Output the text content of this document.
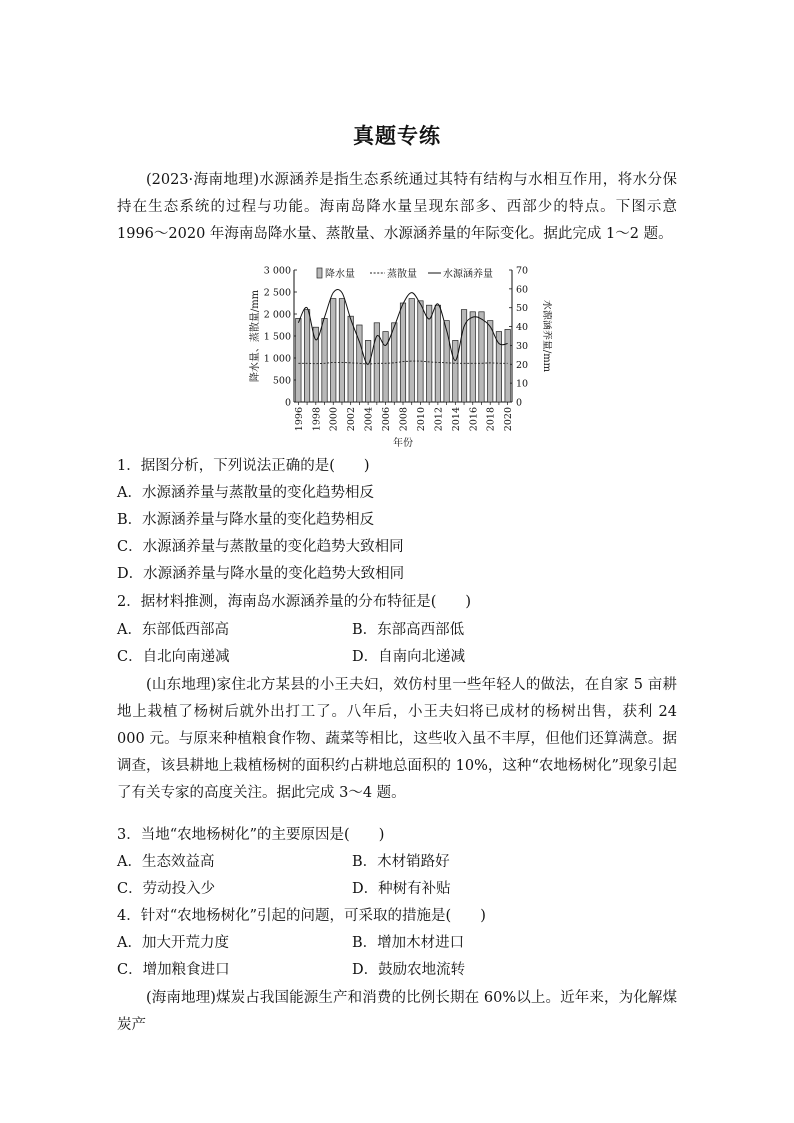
真题专练

(2023·海南地理)水源涵养是指生态系统通过其特有结构与水相互作用，将水分保持在生态系统的过程与功能。海南岛降水量呈现东部多、西部少的特点。下图示意 1996～2020 年海南岛降水量、蒸散量、水源涵养量的年际变化。据此完成 1～2 题。

0
500
1 000
1 500
2 000
2 500
3 000
0
10
20
30
40
50
60
70
降水量、蒸散量/mm	水源涵养量/mm
1996 1998 2000 2002 2004 2006 2008 2010 2012 2014 2016 2018 2020
年份
降水量	蒸散量	水源涵养量
1．据图分析，下列说法正确的是(　　)
A．水源涵养量与蒸散量的变化趋势相反
B．水源涵养量与降水量的变化趋势相反
C．水源涵养量与蒸散量的变化趋势大致相同
D．水源涵养量与降水量的变化趋势大致相同
2．据材料推测，海南岛水源涵养量的分布特征是(　　)
A．东部低西部高	B．东部高西部低
C．自北向南递减	D．自南向北递减

(山东地理)家住北方某县的小王夫妇，效仿村里一些年轻人的做法，在自家 5 亩耕地上栽植了杨树后就外出打工了。八年后，小王夫妇将已成材的杨树出售，获利 24 000 元。与原来种植粮食作物、蔬菜等相比，这些收入虽不丰厚，但他们还算满意。据调查，该县耕地上栽植杨树的面积约占耕地总面积的 10%，这种“农地杨树化”现象引起了有关专家的高度关注。据此完成 3～4 题。

3．当地“农地杨树化”的主要原因是(　　)
A．生态效益高	B．木材销路好
C．劳动投入少	D．种树有补贴
4．针对“农地杨树化”引起的问题，可采取的措施是(　　)
A．加大开荒力度	B．增加木材进口
C．增加粮食进口	D．鼓励农地流转

(海南地理)煤炭占我国能源生产和消费的比例长期在 60%以上。近年来，为化解煤炭产
